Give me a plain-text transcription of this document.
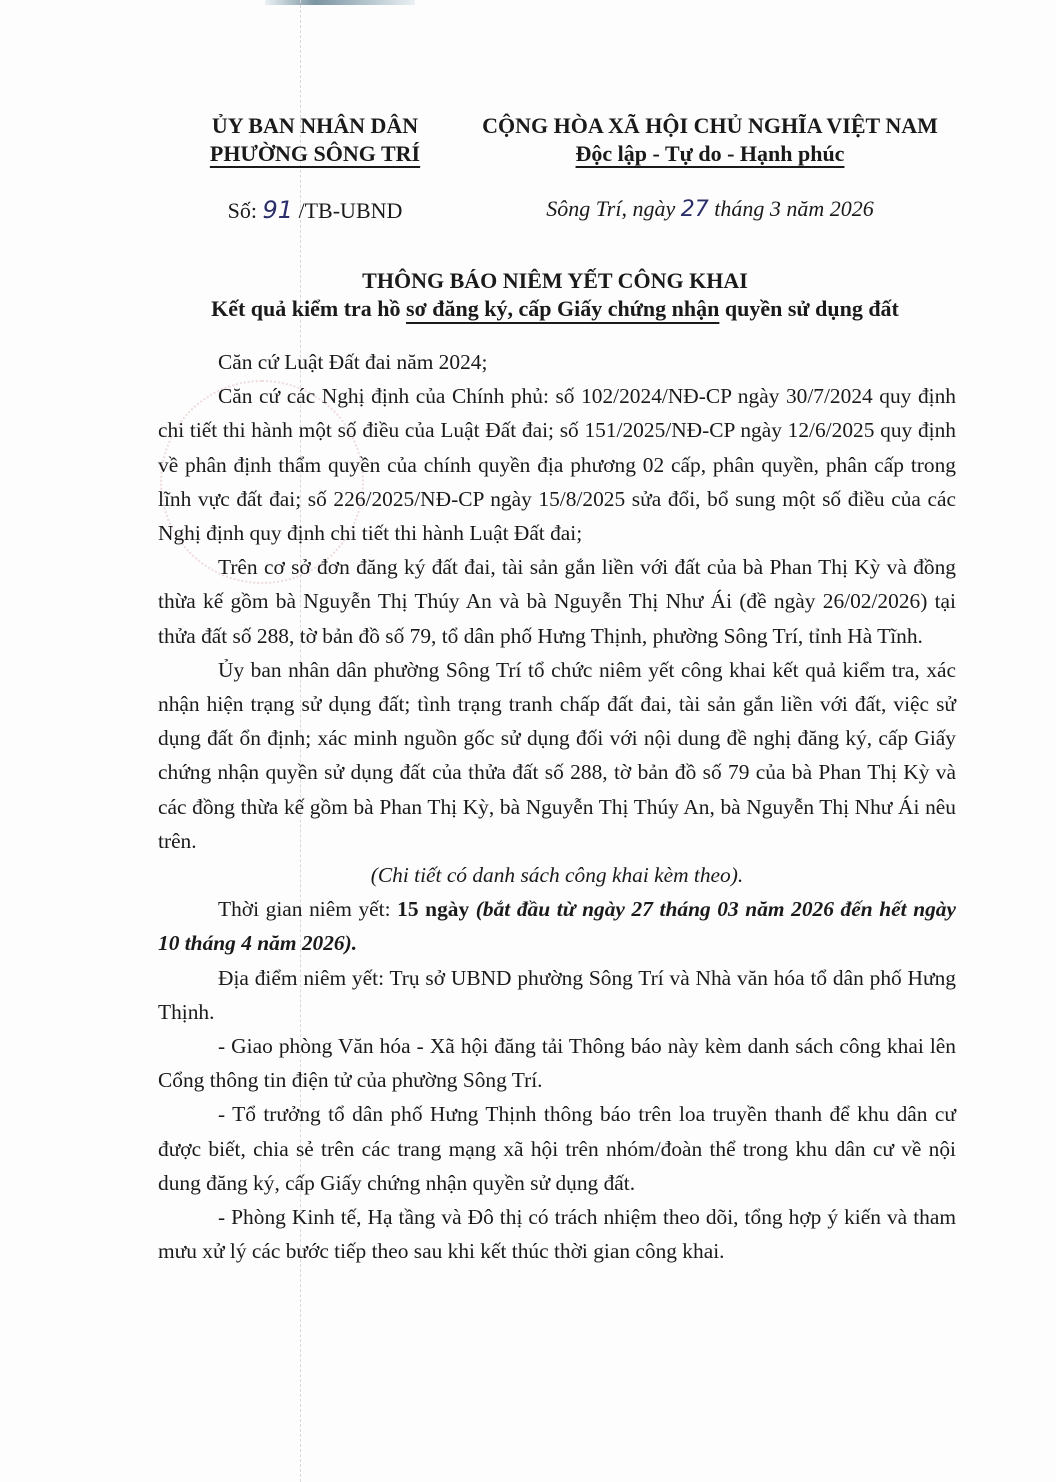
ỦY BAN NHÂN DÂN
PHƯỜNG SÔNG TRÍ
CỘNG HÒA XÃ HỘI CHỦ NGHĨA VIỆT NAM
Độc lập - Tự do - Hạnh phúc
Số: 91 /TB-UBND	Sông Trí, ngày 27 tháng 3 năm 2026
THÔNG BÁO NIÊM YẾT CÔNG KHAI
Kết quả kiểm tra hồ sơ đăng ký, cấp Giấy chứng nhận quyền sử dụng đất

Căn cứ Luật Đất đai năm 2024;

Căn cứ các Nghị định của Chính phủ: số 102/2024/NĐ-CP ngày 30/7/2024 quy định chi tiết thi hành một số điều của Luật Đất đai; số 151/2025/NĐ-CP ngày 12/6/2025 quy định về phân định thẩm quyền của chính quyền địa phương 02 cấp, phân quyền, phân cấp trong lĩnh vực đất đai; số 226/2025/NĐ-CP ngày 15/8/2025 sửa đổi, bổ sung một số điều của các Nghị định quy định chi tiết thi hành Luật Đất đai;

Trên cơ sở đơn đăng ký đất đai, tài sản gắn liền với đất của bà Phan Thị Kỳ và đồng thừa kế gồm bà Nguyễn Thị Thúy An và bà Nguyễn Thị Như Ái (đề ngày 26/02/2026) tại thửa đất số 288, tờ bản đồ số 79, tổ dân phố Hưng Thịnh, phường Sông Trí, tỉnh Hà Tĩnh.

Ủy ban nhân dân phường Sông Trí tổ chức niêm yết công khai kết quả kiểm tra, xác nhận hiện trạng sử dụng đất; tình trạng tranh chấp đất đai, tài sản gắn liền với đất, việc sử dụng đất ổn định; xác minh nguồn gốc sử dụng đối với nội dung đề nghị đăng ký, cấp Giấy chứng nhận quyền sử dụng đất của thửa đất số 288, tờ bản đồ số 79 của bà Phan Thị Kỳ và các đồng thừa kế gồm bà Phan Thị Kỳ, bà Nguyễn Thị Thúy An, bà Nguyễn Thị Như Ái nêu trên.

(Chi tiết có danh sách công khai kèm theo).

Thời gian niêm yết: 15 ngày (bắt đầu từ ngày 27 tháng 03 năm 2026 đến hết ngày 10 tháng 4 năm 2026).

Địa điểm niêm yết: Trụ sở UBND phường Sông Trí và Nhà văn hóa tổ dân phố Hưng Thịnh.

- Giao phòng Văn hóa - Xã hội đăng tải Thông báo này kèm danh sách công khai lên Cổng thông tin điện tử của phường Sông Trí.

- Tổ trưởng tổ dân phố Hưng Thịnh thông báo trên loa truyền thanh để khu dân cư được biết, chia sẻ trên các trang mạng xã hội trên nhóm/đoàn thể trong khu dân cư về nội dung đăng ký, cấp Giấy chứng nhận quyền sử dụng đất.

- Phòng Kinh tế, Hạ tầng và Đô thị có trách nhiệm theo dõi, tổng hợp ý kiến và tham mưu xử lý các bước tiếp theo sau khi kết thúc thời gian công khai.
